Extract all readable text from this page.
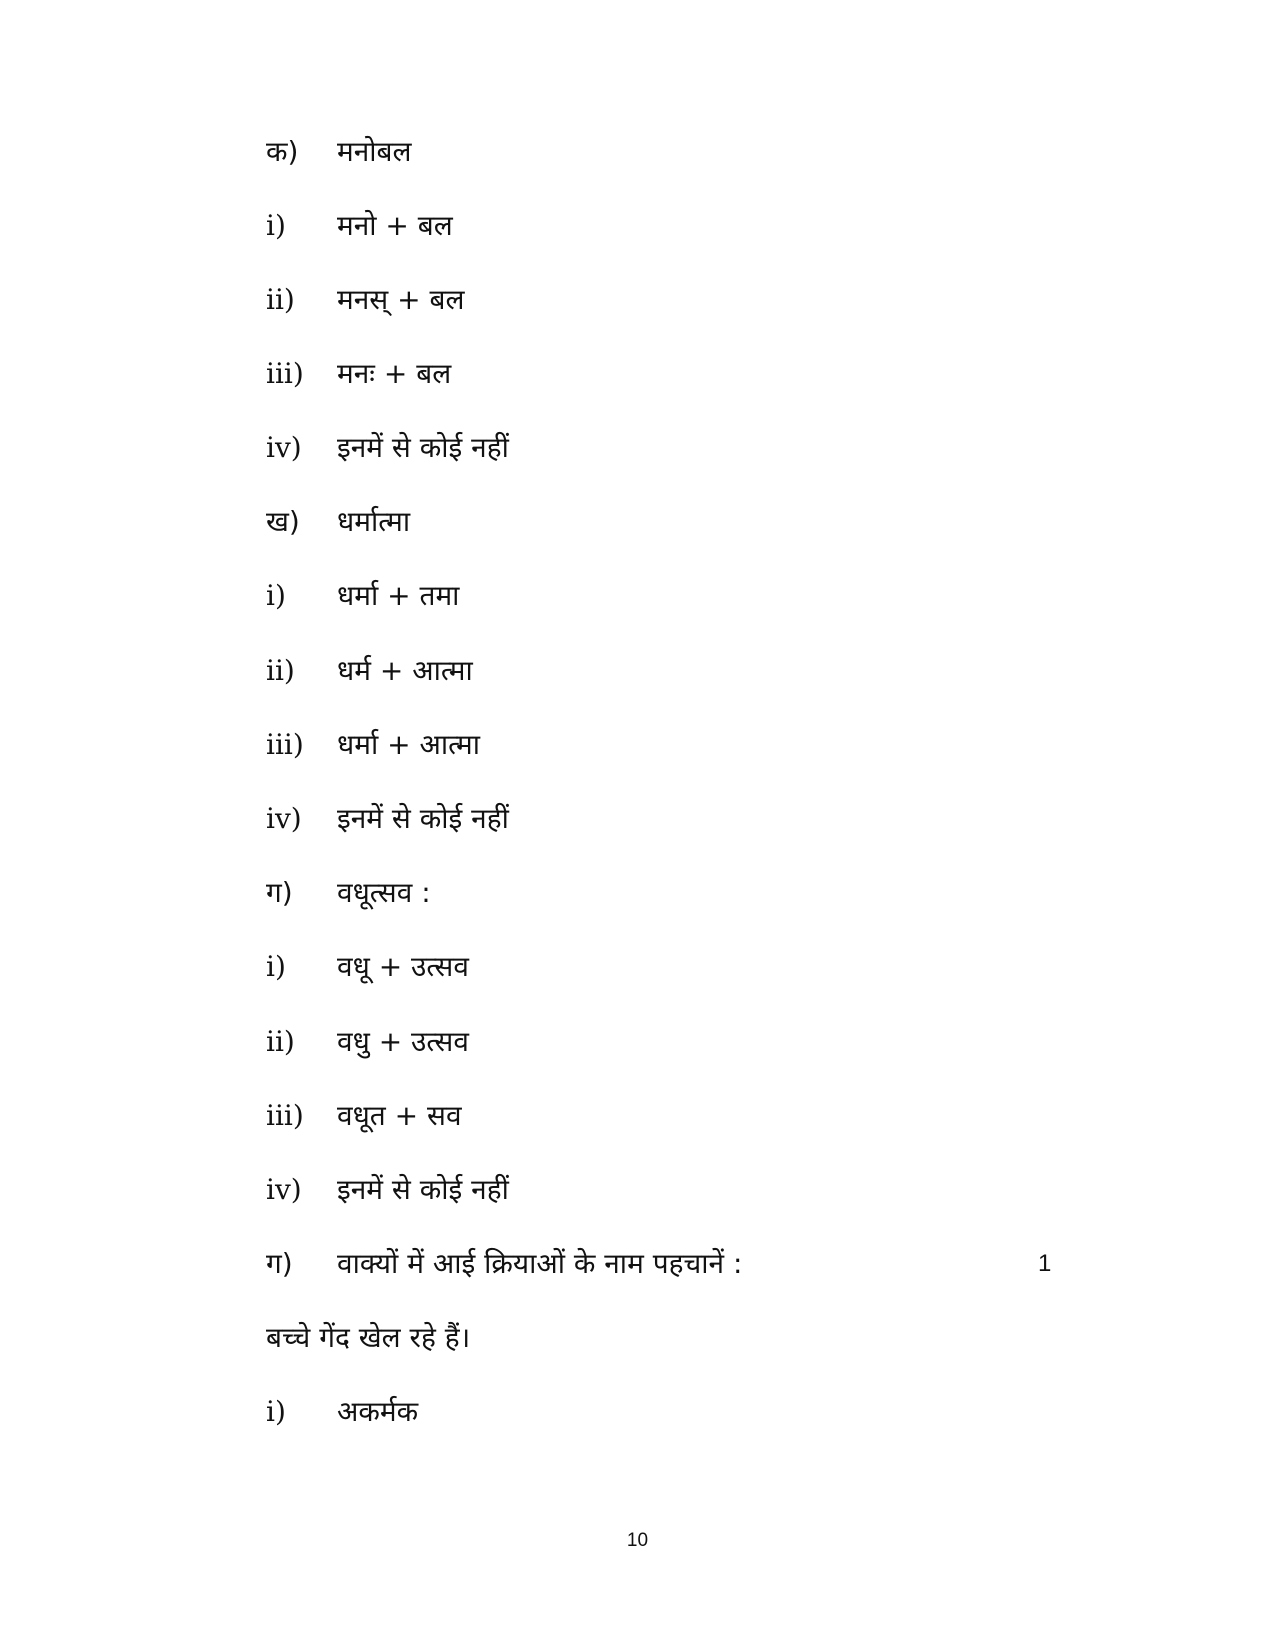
क)	मनोबल
i)	मनो + बल
ii)	मनस् + बल
iii)	मनः + बल
iv)	इनमें से कोई नहीं
ख)	धर्मात्मा
i)	धर्मा + तमा
ii)	धर्म + आत्मा
iii)	धर्मा + आत्मा
iv)	इनमें से कोई नहीं
ग)	वधूत्सव :
i)	वधू + उत्सव
ii)	वधु + उत्सव
iii)	वधूत + सव
iv)	इनमें से कोई नहीं
ग)	वाक्यों में आई क्रियाओं के नाम पहचानें :	1
बच्चे गेंद खेल रहे हैं।
i)	अकर्मक
10
